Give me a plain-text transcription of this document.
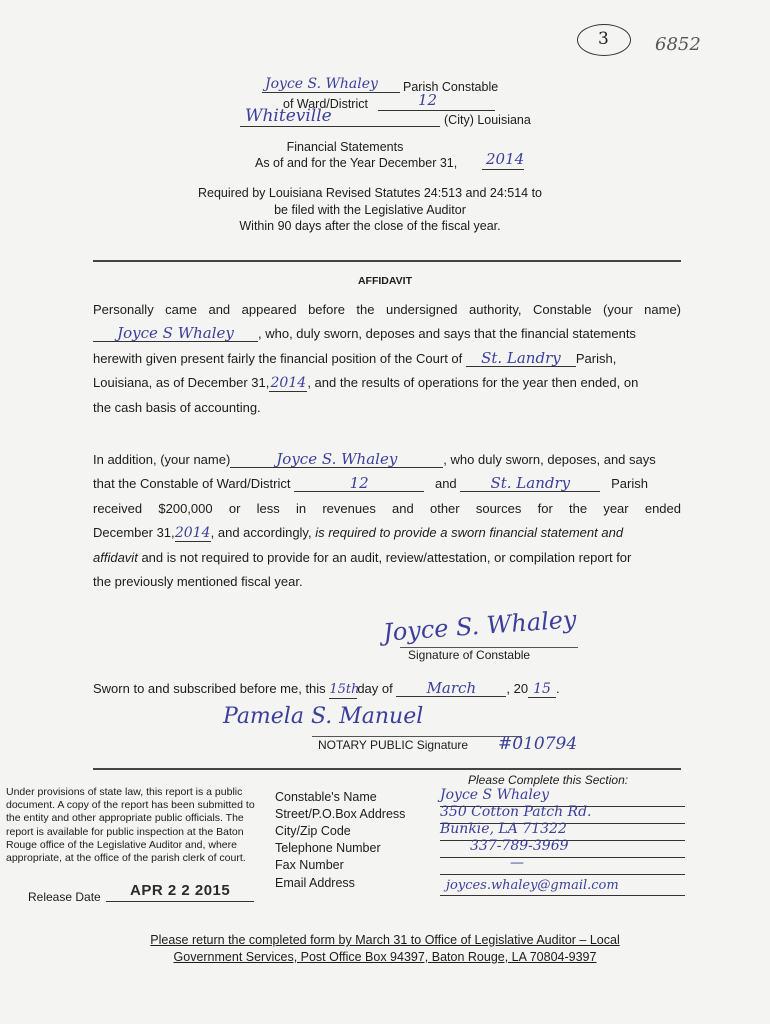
3	6852
Joyce S. Whaley Parish Constable
of Ward/District	12
Whiteville	(City) Louisiana
Financial Statements
As of and for the Year December 31, 2014
Required by Louisiana Revised Statutes 24:513 and 24:514 to
be filed with the Legislative Auditor
Within 90 days after the close of the fiscal year.
AFFIDAVIT
Personally came and appeared before the undersigned authority, Constable (your name)
Joyce S Whaley , who, duly sworn, deposes and says that the financial statements
herewith given present fairly the financial position of the Court of St. Landry Parish,
Louisiana, as of December 31,2014, and the results of operations for the year then ended, on
the cash basis of accounting.
In addition, (your name)	Joyce S. Whaley	, who duly sworn, deposes, and says
that the Constable of Ward/District	12	and St. Landry	Parish
received $200,000 or less in revenues and other sources for the year ended
December 31,2014, and accordingly, is required to provide a sworn financial statement and
affidavit and is not required to provide for an audit, review/attestation, or compilation report for
the previously mentioned fiscal year.
Joyce S. Whaley
Signature of Constable
Sworn to and subscribed before me, this 15thday of March , 20 15 .
Pamela S. Manuel
NOTARY PUBLIC Signature #010794
Under provisions of state law, this report is a public
document. A copy of the report has been submitted to
the entity and other appropriate public officials. The
report is available for public inspection at the Baton
Rouge office of the Legislative Auditor and, where
appropriate, at the office of the parish clerk of court.
Release Date APR 2 2 2015
Please Complete this Section:
Constable's Name	Joyce S Whaley
Street/P.O.Box Address 350 Cotton Patch Rd.
City/Zip Code	Bunkie, LA 71322
Telephone Number	337-789-3969
Fax Number	—
Email Address	joyces.whaley@gmail.com
Please return the completed form by March 31 to Office of Legislative Auditor – Local
Government Services, Post Office Box 94397, Baton Rouge, LA 70804-9397
